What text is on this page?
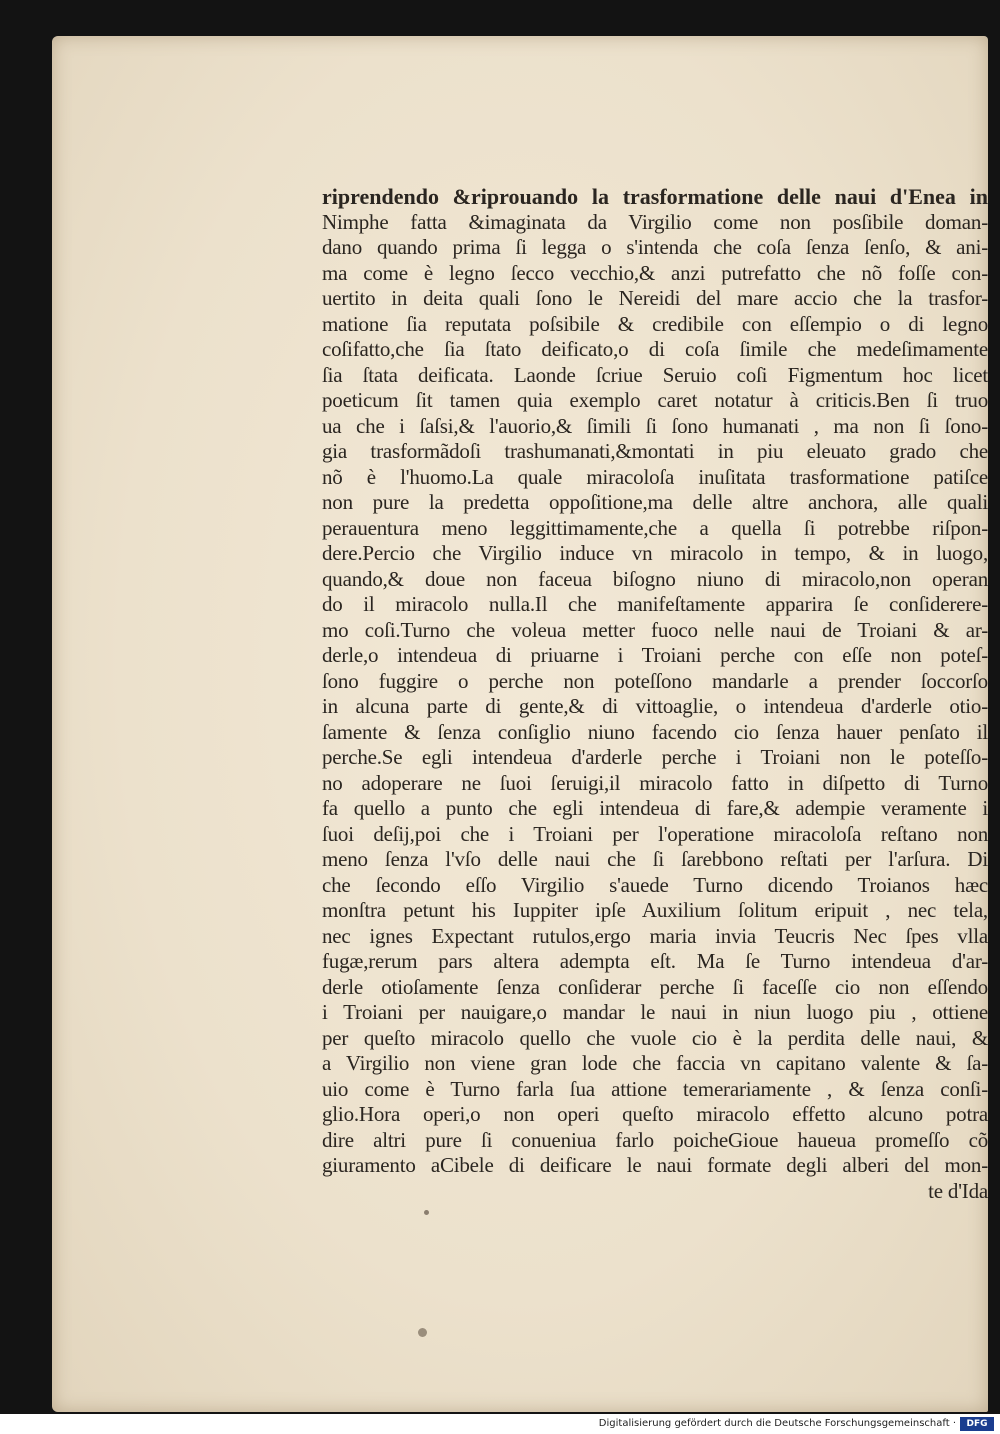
riprendendo &riprouando la trasformatione delle naui d'Enea in
Nimphe fatta &imaginata da Virgilio come non posſibile doman-
dano quando prima ſi legga o s'intenda che coſa ſenza ſenſo, & ani-
ma come è legno ſecco vecchio,& anzi putrefatto che nõ foſſe con-
uertito in deita quali ſono le Nereidi del mare accio che la trasfor-
matione ſia reputata poſsibile & credibile con eſſempio o di legno
coſifatto,che ſia ſtato deificato,o di coſa ſimile che medeſimamente
ſia ſtata deificata. Laonde ſcriue Seruio coſi Figmentum hoc licet
poeticum ſit tamen quia exemplo caret notatur à criticis.Ben ſi truo
ua che i ſaſsi,& l'auorio,& ſimili ſi ſono humanati , ma non ſi ſono-
gia trasformãdoſi trashumanati,&montati in piu eleuato grado che
nõ è l'huomo.La quale miracoloſa inuſitata trasformatione patiſce
non pure la predetta oppoſitione,ma delle altre anchora, alle quali
perauentura meno leggittimamente,che a quella ſi potrebbe riſpon-
dere.Percio che Virgilio induce vn miracolo in tempo, & in luogo,
quando,& doue non faceua biſogno niuno di miracolo,non operan
do il miracolo nulla.Il che manifeſtamente apparira ſe conſiderere-
mo coſi.Turno che voleua metter fuoco nelle naui de Troiani & ar-
derle,o intendeua di priuarne i Troiani perche con eſſe non poteſ-
ſono fuggire o perche non poteſſono mandarle a prender ſoccorſo
in alcuna parte di gente,& di vittoaglie, o intendeua d'arderle otio-
ſamente & ſenza conſiglio niuno facendo cio ſenza hauer penſato il
perche.Se egli intendeua d'arderle perche i Troiani non le poteſſo-
no adoperare ne ſuoi ſeruigi,il miracolo fatto in diſpetto di Turno
fa quello a punto che egli intendeua di fare,& adempie veramente i
ſuoi deſij,poi che i Troiani per l'operatione miracoloſa reſtano non
meno ſenza l'vſo delle naui che ſi ſarebbono reſtati per l'arſura. Di
che ſecondo eſſo Virgilio s'auede Turno dicendo Troianos hæc
monſtra petunt his Iuppiter ipſe Auxilium ſolitum eripuit , nec tela,
nec ignes Expectant rutulos,ergo maria invia Teucris Nec ſpes vlla
fugæ,rerum pars altera adempta eſt. Ma ſe Turno intendeua d'ar-
derle otioſamente ſenza conſiderar perche ſi faceſſe cio non eſſendo
i Troiani per nauigare,o mandar le naui in niun luogo piu , ottiene
per queſto miracolo quello che vuole cio è la perdita delle naui, &
a Virgilio non viene gran lode che faccia vn capitano valente & ſa-
uio come è Turno farla ſua attione temerariamente , & ſenza conſi-
glio.Hora operi,o non operi queſto miracolo effetto alcuno potra
dire altri pure ſi conueniua farlo poicheGioue haueua promeſſo cõ
giuramento aCibele di deificare le naui formate degli alberi del mon-
te d'Ida
Digitalisierung gefördert durch die Deutsche Forschungsgemeinschaft ·	DFG
